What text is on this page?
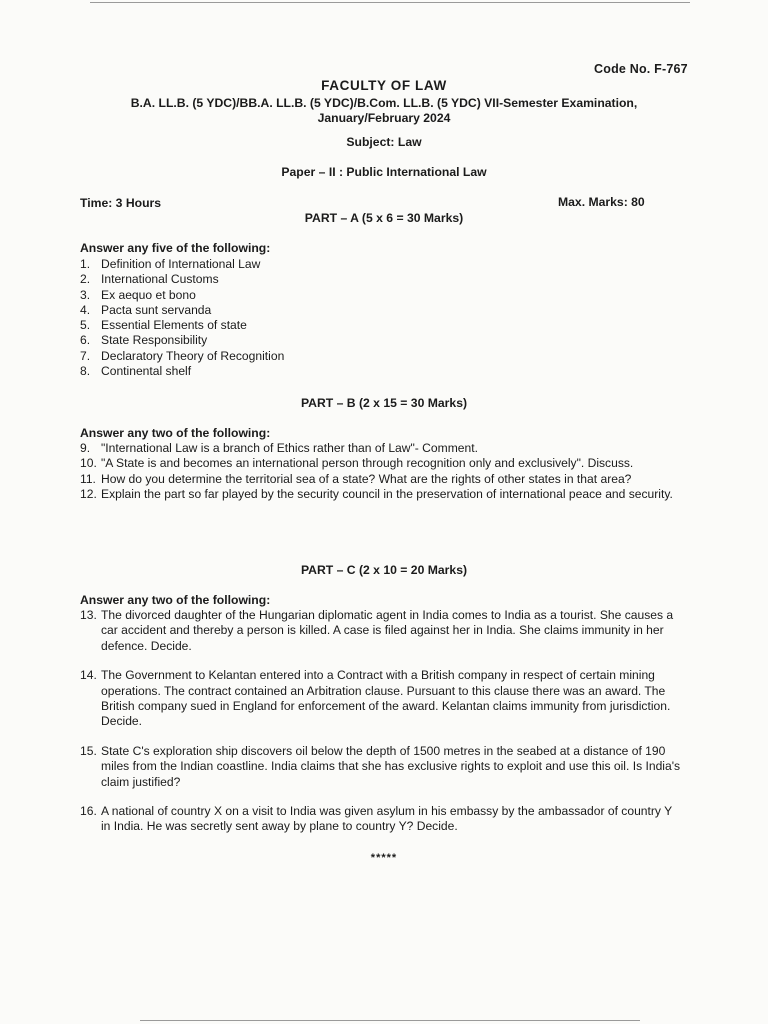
Code No. F-767
FACULTY OF LAW
B.A. LL.B. (5 YDC)/BB.A. LL.B. (5 YDC)/B.Com. LL.B. (5 YDC) VII-Semester Examination,
January/February 2024
Subject: Law
Paper – II : Public International Law
Time: 3 Hours	Max. Marks: 80
PART – A (5 x 6 = 30 Marks)
Answer any five of the following:
1. Definition of International Law
2. International Customs
3. Ex aequo et bono
4. Pacta sunt servanda
5. Essential Elements of state
6. State Responsibility
7. Declaratory Theory of Recognition
8. Continental shelf
PART – B (2 x 15 = 30 Marks)
Answer any two of the following:
9. "International Law is a branch of Ethics rather than of Law"- Comment.
10. "A State is and becomes an international person through recognition only and exclusively". Discuss.
11. How do you determine the territorial sea of a state? What are the rights of other states in that area?
12. Explain the part so far played by the security council in the preservation of international peace and security.
PART – C (2 x 10 = 20 Marks)
Answer any two of the following:
13. The divorced daughter of the Hungarian diplomatic agent in India comes to India as a tourist. She causes a car accident and thereby a person is killed. A case is filed against her in India. She claims immunity in her defence. Decide.
14. The Government to Kelantan entered into a Contract with a British company in respect of certain mining operations. The contract contained an Arbitration clause. Pursuant to this clause there was an award. The British company sued in England for enforcement of the award. Kelantan claims immunity from jurisdiction. Decide.
15. State C's exploration ship discovers oil below the depth of 1500 metres in the seabed at a distance of 190 miles from the Indian coastline. India claims that she has exclusive rights to exploit and use this oil. Is India's claim justified?
16. A national of country X on a visit to India was given asylum in his embassy by the ambassador of country Y in India. He was secretly sent away by plane to country Y? Decide.
*****
